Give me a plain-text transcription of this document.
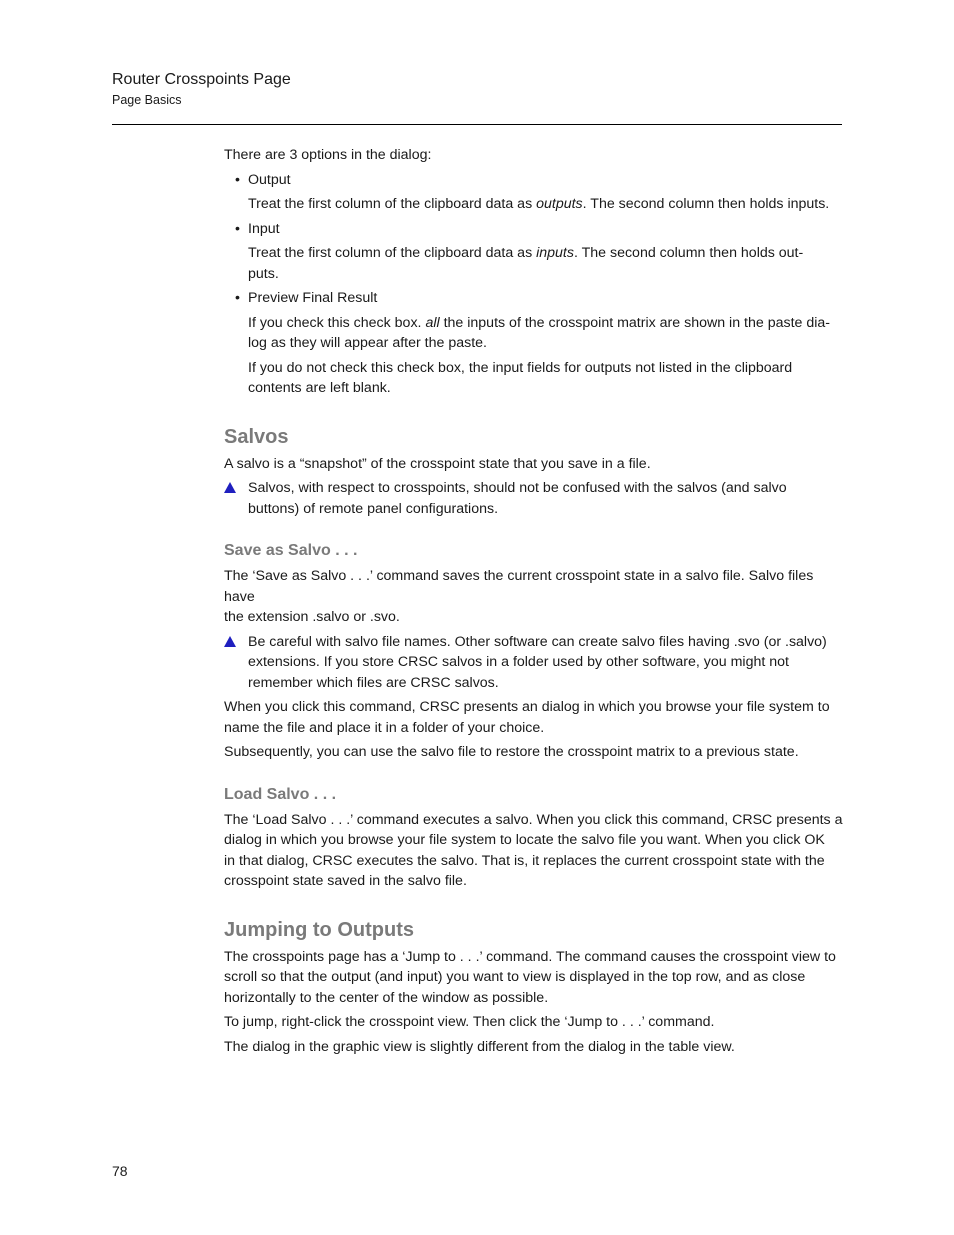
Router Crosspoints Page
Page Basics

There are 3 options in the dialog:

• Output

Treat the first column of the clipboard data as outputs. The second column then holds inputs.

• Input

Treat the first column of the clipboard data as inputs. The second column then holds out-
puts.

• Preview Final Result

If you check this check box. all the inputs of the crosspoint matrix are shown in the paste dia-
log as they will appear after the paste.

If you do not check this check box, the input fields for outputs not listed in the clipboard
contents are left blank.

Salvos

A salvo is a “snapshot” of the crosspoint state that you save in a file.

Salvos, with respect to crosspoints, should not be confused with the salvos (and salvo
buttons) of remote panel configurations.

Save as Salvo . . .

The ‘Save as Salvo . . .’ command saves the current crosspoint state in a salvo file. Salvo files have
the extension .salvo or .svo.

Be careful with salvo file names. Other software can create salvo files having .svo (or .salvo)
extensions. If you store CRSC salvos in a folder used by other software, you might not
remember which files are CRSC salvos.

When you click this command, CRSC presents an dialog in which you browse your file system to
name the file and place it in a folder of your choice.

Subsequently, you can use the salvo file to restore the crosspoint matrix to a previous state.

Load Salvo . . .

The ‘Load Salvo . . .’ command executes a salvo. When you click this command, CRSC presents a
dialog in which you browse your file system to locate the salvo file you want. When you click OK
in that dialog, CRSC executes the salvo. That is, it replaces the current crosspoint state with the
crosspoint state saved in the salvo file.

Jumping to Outputs

The crosspoints page has a ‘Jump to . . .’ command. The command causes the crosspoint view to
scroll so that the output (and input) you want to view is displayed in the top row, and as close
horizontally to the center of the window as possible.

To jump, right-click the crosspoint view. Then click the ‘Jump to . . .’ command.

The dialog in the graphic view is slightly different from the dialog in the table view.

78
